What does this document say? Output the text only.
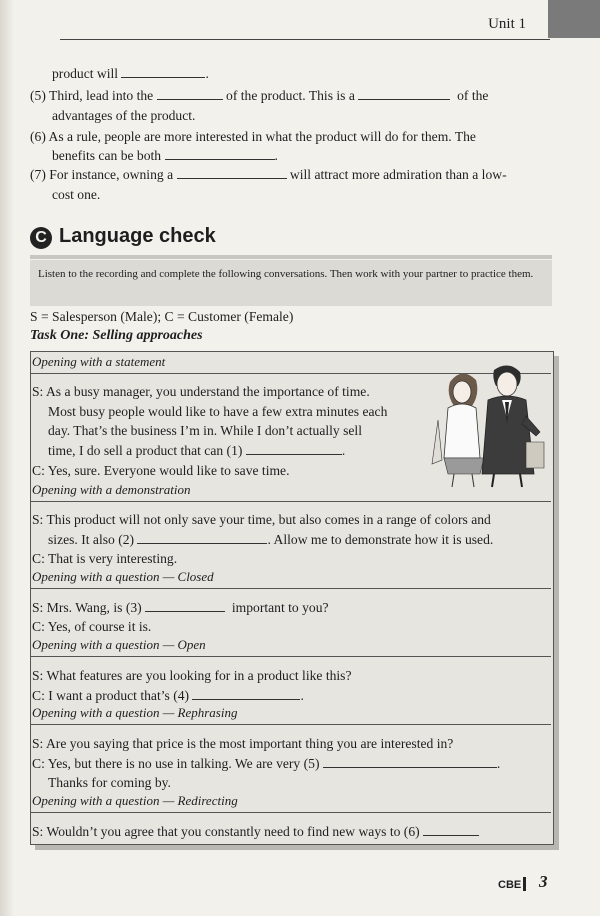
Unit 1
product will	.
(5) Third, lead into the	of the product. This is a	of the
advantages of the product.
(6) As a rule, people are more interested in what the product will do for them. The
benefits can be both	.
(7) For instance, owning a	will attract more admiration than a low-
cost one.
C Language check
Listen to the recording and complete the following conversations. Then work with your partner to practice them.
S = Salesperson (Male); C = Customer (Female)
Task One: Selling approaches
Opening with a statement
S: As a busy manager, you understand the importance of time.
Most busy people would like to have a few extra minutes each
day. That’s the business I’m in. While I don’t actually sell
time, I do sell a product that can (1)	.
C: Yes, sure. Everyone would like to save time.
Opening with a demonstration
S: This product will not only save your time, but also comes in a range of colors and
sizes. It also (2)	. Allow me to demonstrate how it is used.
C: That is very interesting.
Opening with a question — Closed
S: Mrs. Wang, is (3)	important to you?
C: Yes, of course it is.
Opening with a question — Open
S: What features are you looking for in a product like this?
C: I want a product that’s (4)	.
Opening with a question — Rephrasing
S: Are you saying that price is the most important thing you are interested in?
C: Yes, but there is no use in talking. We are very (5)	.
Thanks for coming by.
Opening with a question — Redirecting
S: Wouldn’t you agree that you constantly need to find new ways to (6)
CBE 3
